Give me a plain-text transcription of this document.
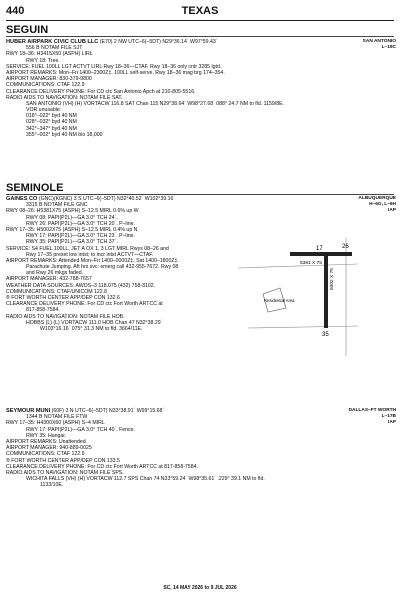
440	TEXAS
SEGUIN
HUBER AIRPARK CIVIC CLUB LLC (E70) 2 NW UTC–6(–5DT) N29°36.14´ W97°59.43´	SAN ANTONIO
L–19C
556 B NOTAM FILE SJT
RWY 18–36: H3415X50 (ASPH) LIRL
RWY 18: Tree.
SERVICE: FUEL 100LL LGT ACTVT LIRL Rwy 18–36—CTAF. Rwy 18–36 only cntr 3285 lgtd.
AIRPORT REMARKS: Mon–Fri 1400–2300Z‡. 100LL self-serve. Rwy 18–36 mag brg 174–354.
AIRPORT MANAGER: 830-379-9800
COMMUNICATIONS: CTAF 122.9
CLEARANCE DELIVERY PHONE: For CD ctc San Antonio Apch at 210-805-5516.
RADIO AIDS TO NAVIGATION: NOTAM FILE SAT.
SAN ANTONIO (VH) (H) VORTACW 116.8 SAT Chan 115 N29°38.64´ W98°27.68´ 088° 24.7 NM to fld. 1159/8E.
VOR unusable:
018°–022° byd 40 NM
028°–032° byd 40 NM
342°–347° byd 40 NM
355°–002° byd 40 NM blo 18,000´
SEMINOLE
GAINES CO (GNC)(KGNC) 3 S UTC–6(–5DT) N32°40.52´ W102°39.16´	ALBUQUERQUE
H–6G, L–6H
IAP
3315 B NOTAM FILE GNC
RWY 08–26: H5381X75 (ASPH) S–12.5 MIRL 0.6% up W
RWY 08: PAPI(P2L)—GA 3.0° TCH 24´.
RWY 26: PAPI(P2L)—GA 3.0° TCH 20´. P–line.
RWY 17–35: H5002X75 (ASPH) S–12.5 MIRL 0.4% up N
RWY 17: PAPI(P2L)—GA 3.0° TCH 23´. P–line.
RWY 35: PAPI(P2L)—GA 3.0° TCH 37´.
SERVICE: S4 FUEL 100LL, JET A OX 1, 3 LGT MIRL Rwys 08–26 and
Rwy 17–35 preset low intst; to incr intst ACTVT—CTAF.
AIRPORT REMARKS: Attended Mon–Fri 1400–0000Z‡, Sat 1400–1800Z‡.
Parachute Jumping. Aft hrs svc: emerg call 432-955-7672. Rwy 08
and Rwy 26 mkgs faded.
AIRPORT MANAGER: 432-788-7657
WEATHER DATA SOURCES: AWOS–3 118.075 (432) 758-3102.
COMMUNICATIONS: CTAF/UNICOM 122.8
® FORT WORTH CENTER APP/DEP CON 132.6
CLEARANCE DELIVERY PHONE: For CD ctc Fort Worth ARTCC at
817-858-7584.
RADIO AIDS TO NAVIGATION: NOTAM FILE HOB.
HOBBS (L) (L) VORTACW 111.0 HOB Chan 47 N32°38.29´
W103°16.16´ 075° 31.3 NM to fld. 3664/11E.
5381 X 75
5002 X 75
35
26
17
Residential Area
SEYMOUR MUNI (60F) 3 N UTC–6(–5DT) N33°38.91´ W99°15.68´	DALLAS–FT WORTH
L–17B
IAP
1344 B NOTAM FILE FTW
RWY 17–35: H4300X60 (ASPH) S–4 MIRL
RWY 17: PAPI(P2L)—GA 3.0° TCH 40´. Fence.
RWY 35: Hangar.
AIRPORT REMARKS: Unattended.
AIRPORT MANAGER: 940-889-0025
COMMUNICATIONS: CTAF 122.9
® FORT WORTH CENTER APP/DEP CON 133.5
CLEARANCE DELIVERY PHONE: For CD ctc Fort Worth ARTCC at 817-858-7584.
RADIO AIDS TO NAVIGATION: NOTAM FILE SPS.
WICHITA FALLS (VH) (H) VORTACW 112.7 SPS Chan 74 N33°59.24´ W98°35.61´ .229° 39.1 NM to fld.
1133/10E.
SC, 14 MAY 2026 to 9 JUL 2026
